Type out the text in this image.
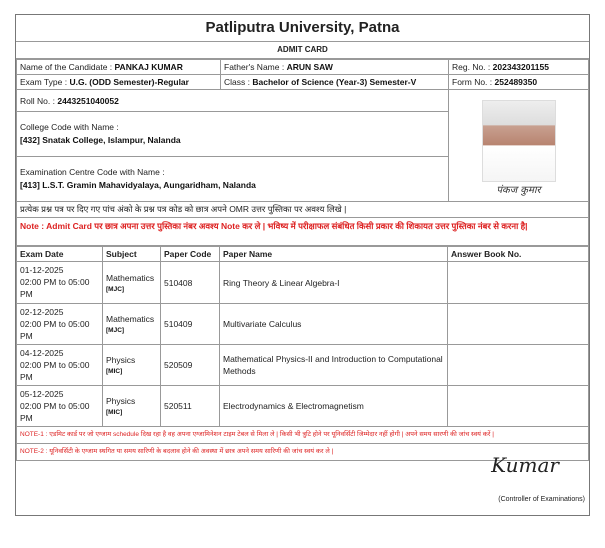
Patliputra University, Patna
ADMIT CARD
Name of the Candidate : PANKAJ KUMAR	Father's Name : ARUN SAW	Reg. No. : 202343201155
Exam Type : U.G. (ODD Semester)-Regular	Class : Bachelor of Science (Year-3) Semester-V	Form No. : 252489350
Roll No. : 2443251040052		पंकज कुमार

College Code with Name :
[432] Snatak College, Islampur, Nalanda		
Examination Centre Code with Name :
[413] L.S.T. Gramin Mahavidyalaya, Aungaridham, Nalanda		
प्रत्येक प्रश्न पत्र पर दिए गए पांच अंको के प्रश्न पत्र कोड को छात्र अपने OMR उत्तर पुस्तिका पर अवश्य लिखे |		
Note : Admit Card पर छात्र अपना उत्तर पुस्तिका नंबर अवश्य Note कर ले | भविष्य में परीक्षाफल संबंधित किसी प्रकार की शिकायत उत्तर पुस्तिका नंबर से करना है|		
Exam Date	Subject	Paper Code	Paper Name	Answer Book No.
01-12-2025
02:00 PM to 05:00 PM	Mathematics
[MJC]	510408	Ring Theory & Linear Algebra-I	
02-12-2025
02:00 PM to 05:00 PM	Mathematics
[MJC]	510409	Multivariate Calculus	
04-12-2025
02:00 PM to 05:00 PM	Physics
[MIC]	520509	Mathematical Physics-II and Introduction to Computational Methods	
05-12-2025
02:00 PM to 05:00 PM	Physics
[MIC]	520511	Electrodynamics & Electromagnetism	
NOTE-1 : एडमिट कार्ड पर जो एग्जाम schedule दिख रहा है वह अपना एग्जामिनेशन टाइम टेबल से मिला ले | किसी भी त्रुटि होने पर यूनिवर्सिटी जिम्मेदार नहीं होगी | अपने समय सारणी की जांच स्वयं करें |				
NOTE-2 : यूनिवर्सिटी के एग्जाम स्थगित या समय सारिणी के बदलाव होने की अवस्था में छात्र अपने समय सारिणी की जांच स्वयं कर ले |				
Kumar
(Controller of Examinations)
